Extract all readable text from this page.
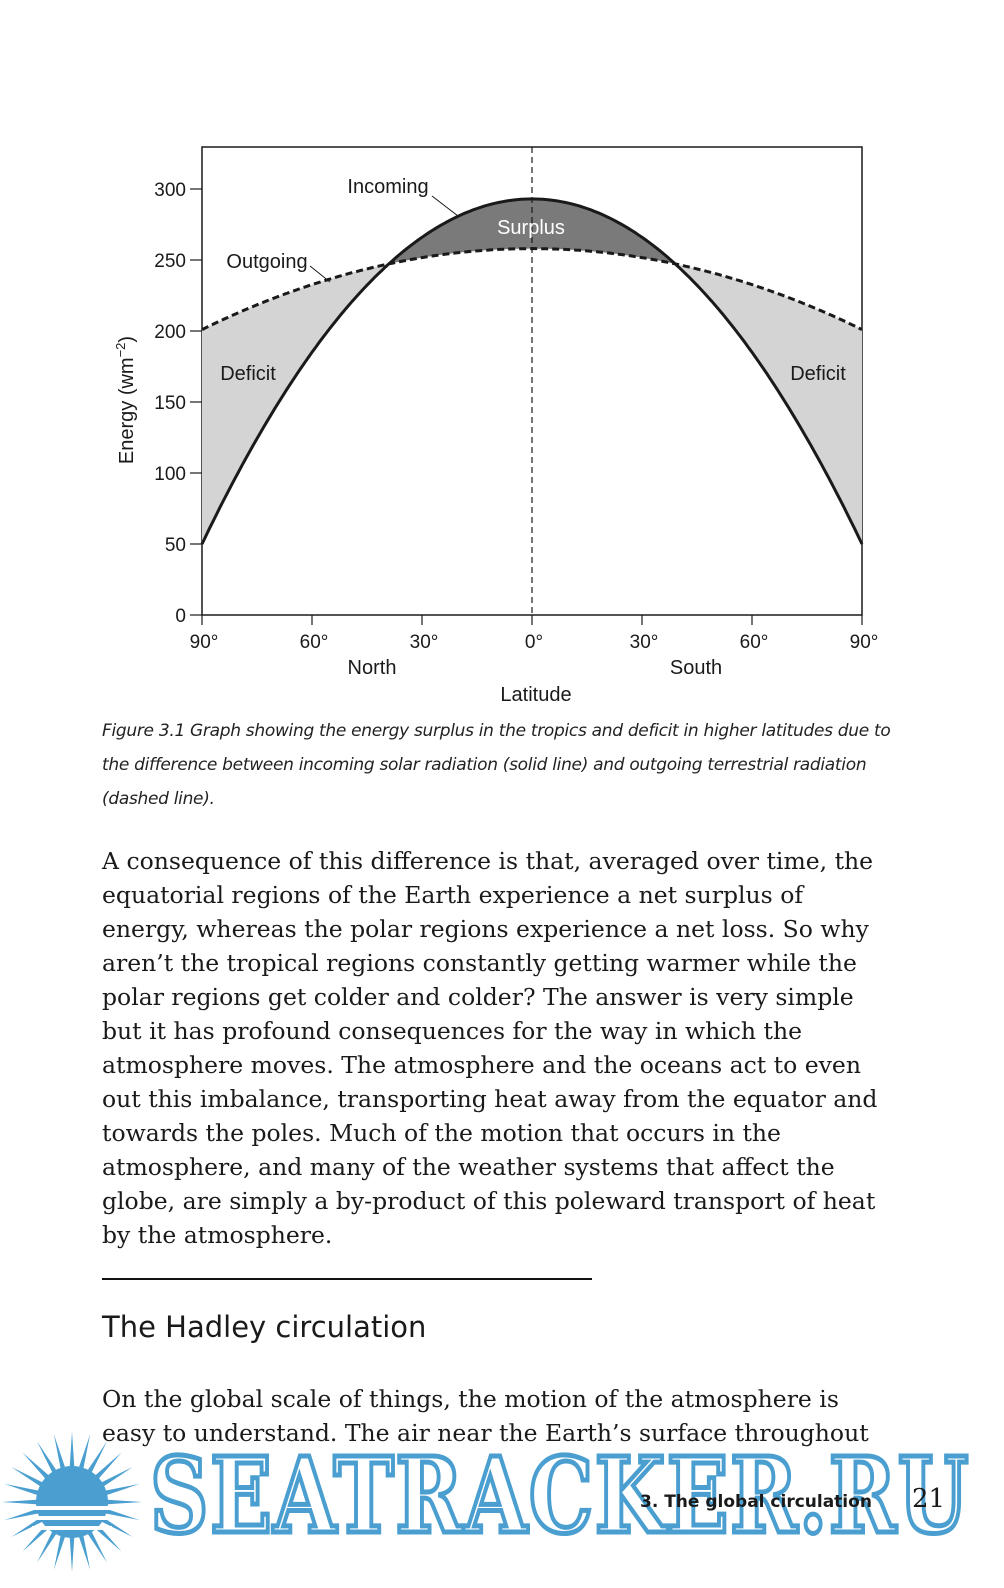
0
50
100
150
200
250
300
Energy $(wm^{-2})$
90°	60°	30°	0°	30°	60°	90°
North	South
Latitude
Surplus
Deficit	Deficit
Incoming
Outgoing
Figure 3.1 Graph showing the energy surplus in the tropics and deficit in higher latitudes due to the difference between incoming solar radiation (solid line) and outgoing terrestrial radiation (dashed line).
A consequence of this difference is that, averaged over time, the equatorial regions of the Earth experience a net surplus of energy, whereas the polar regions experience a net loss. So why aren’t the tropical regions constantly getting warmer while the polar regions get colder and colder? The answer is very simple but it has profound consequences for the way in which the atmosphere moves. The atmosphere and the oceans act to even out this imbalance, transporting heat away from the equator and towards the poles. Much of the motion that occurs in the atmosphere, and many of the weather systems that affect the globe, are simply a by-product of this poleward transport of heat by the atmosphere.
The Hadley circulation
On the global scale of things, the motion of the atmosphere is easy to understand. The air near the Earth’s surface throughout
SEATRACKER.RU
3. The global circulation 21
